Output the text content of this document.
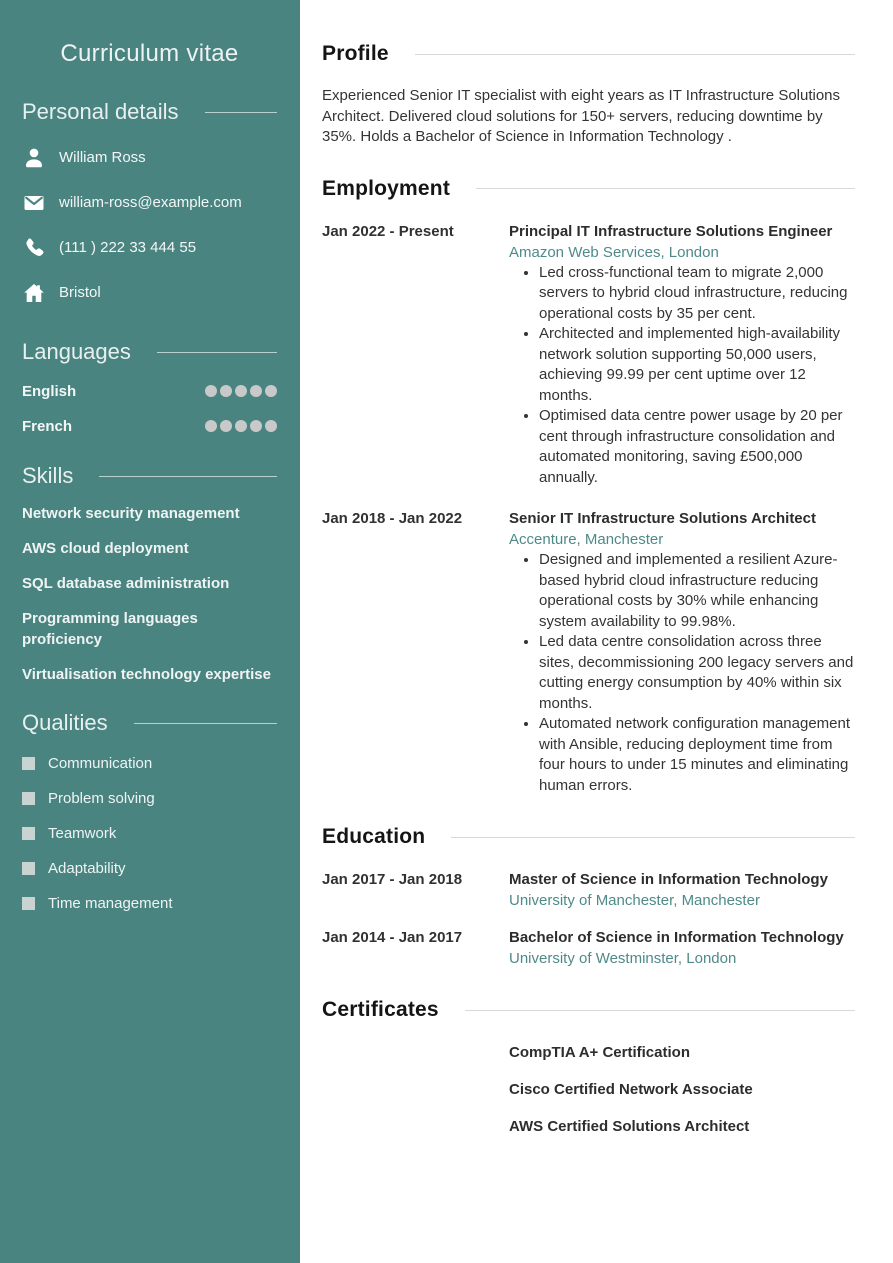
Curriculum vitae
Personal details
William Ross
william-ross@example.com
(111 ) 222 33 444 55
Bristol
Languages
English
French
Skills
Network security management
AWS cloud deployment
SQL database administration
Programming languages proficiency
Virtualisation technology expertise
Qualities
Communication
Problem solving
Teamwork
Adaptability
Time management
Profile

Experienced Senior IT specialist with eight years as IT Infrastructure Solutions Architect. Delivered cloud solutions for 150+ servers, reducing downtime by 35%. Holds a Bachelor of Science in Information Technology .

Employment
Jan 2022 - Present	Principal IT Infrastructure Solutions Engineer
Amazon Web Services, London
• Led cross-functional team to migrate 2,000 servers to hybrid cloud infrastructure, reducing operational costs by 35 per cent.
• Architected and implemented high-availability network solution supporting 50,000 users, achieving 99.99 per cent uptime over 12 months.
• Optimised data centre power usage by 20 per cent through infrastructure consolidation and automated monitoring, saving £500,000 annually.
Jan 2018 - Jan 2022	Senior IT Infrastructure Solutions Architect
Accenture, Manchester
• Designed and implemented a resilient Azure-based hybrid cloud infrastructure reducing operational costs by 30% while enhancing system availability to 99.98%.
• Led data centre consolidation across three sites, decommissioning 200 legacy servers and cutting energy consumption by 40% within six months.
• Automated network configuration management with Ansible, reducing deployment time from four hours to under 15 minutes and eliminating human errors.
Education
Jan 2017 - Jan 2018	Master of Science in Information Technology
University of Manchester, Manchester
Jan 2014 - Jan 2017	Bachelor of Science in Information Technology
University of Westminster, London
Certificates
CompTIA A+ Certification
Cisco Certified Network Associate
AWS Certified Solutions Architect
